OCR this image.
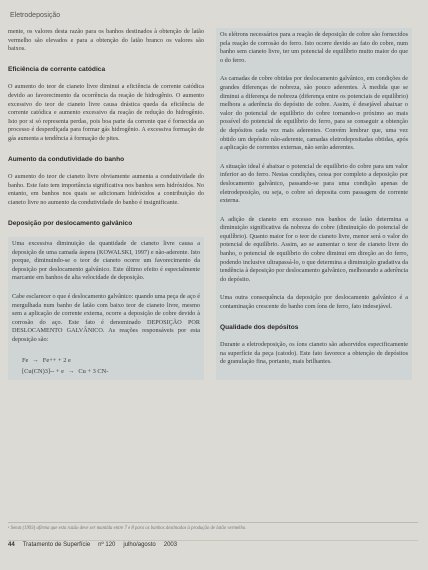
Eletrodeposição

mente, os valores desta razão para os banhos destinados à obtenção de latão vermelho são elevados e para a obtenção do latão branco os valores são baixos.

Eficiência de corrente catódica

O aumento do teor de cianeto livre diminui a eficiência de corrente catódica devido ao favorecimento da ocorrência da reação de hidrogênio. O aumento excessivo do teor de cianeto livre causa drástica queda da eficiência de corrente catódica e aumento excessivo da reação de redução do hidrogênio. Isto por si só representa perdas, pois boa parte da corrente que é fornecida ao processo é desperdiçada para formar gás hidrogênio. A excessiva formação de gás aumenta a tendência à formação de pites.

Aumento da condutividade do banho

O aumento do teor de cianeto livre obviamente aumenta a condutividade do banho. Este fato tem importância significativa nos banhos sem hidróxidos. No entanto, em banhos nos quais se adicionam hidróxidos a contribuição do cianeto livre no aumento da condutividade do banho é insignificante.

Deposição por deslocamento galvânico

Uma excessiva diminuição da quantidade de cianeto livre causa a deposição de uma camada áspera (KOWALSKI, 1997) e não-aderente. Isto porque, diminuindo-se o teor de cianeto ocorre um favorecimento da deposição por deslocamento galvânico. Este último efeito é especialmente marcante em banhos de alta velocidade de deposição.

Cabe esclarecer o que é deslocamento galvânico: quando uma peça de aço é mergulhada num banho de latão com baixo teor de cianeto livre, mesmo sem a aplicação de corrente externa, ocorre a deposição de cobre devido à corrosão do aço. Este fato é denominado DEPOSIÇÃO POR DESLOCAMENTO GALVÂNICO. As reações responsáveis por esta deposição são:

Fe → Fe++ + 2 e
[Cu(CN)3]-- + e → Cu + 3 CN-

Os elétrons necessários para a reação de deposição de cobre são fornecidos pela reação de corrosão do ferro. Isto ocorre devido ao fato do cobre, num banho sem cianeto livre, ter um potencial de equilíbrio muito maior do que o do ferro.

As camadas de cobre obtidas por deslocamento galvânico, em condições de grandes diferenças de nobreza, são pouco aderentes. À medida que se diminui a diferença de nobreza (diferença entre os potenciais de equilíbrio) melhora a aderência do depósito de cobre. Assim, é desejável abaixar o valor do potencial de equilíbrio do cobre tornando-o próximo ao mais possível do potencial de equilíbrio do ferro, para se conseguir a obtenção de depósitos cada vez mais aderentes. Convém lembrar que, uma vez obtido um depósito não-aderente, camadas eletrodepositadas obtidas, após a aplicação de correntes externas, não serão aderentes.

A situação ideal é abaixar o potencial de equilíbrio do cobre para um valor inferior ao do ferro. Nestas condições, cessa por completo a deposição por deslocamento galvânico, passando-se para uma condição apenas de eletrodeposição, ou seja, o cobre só deposita com passagem de corrente externa.

A adição de cianeto em excesso nos banhos de latão determina a diminuição significativa da nobreza do cobre (diminuição do potencial de equilíbrio). Quanto maior for o teor de cianeto livre, menor será o valor do potencial de equilíbrio. Assim, ao se aumentar o teor de cianeto livre do banho, o potencial de equilíbrio do cobre diminui em direção ao do ferro, podendo inclusive ultrapassá-lo, o que determina a diminuição gradativa da tendência à deposição por deslocamento galvânico, melhorando a aderência do depósito.

Uma outra consequência da deposição por deslocamento galvânico é a contaminação crescente do banho com íons de ferro, fato indesejável.

Qualidade dos depósitos

Durante a eletrodeposição, os íons cianeto são adsorvidos especificamente na superfície da peça (catodo). Este fato favorece a obtenção de depósitos de granulação fina, portanto, mais brilhantes.

¹ Senat (1993) afirma que esta razão deve ser mantida entre 7 e 8 para os banhos destinados à produção de latão vermelho.
44 Tratamento de Superfície nº 120 julho/agosto 2003
